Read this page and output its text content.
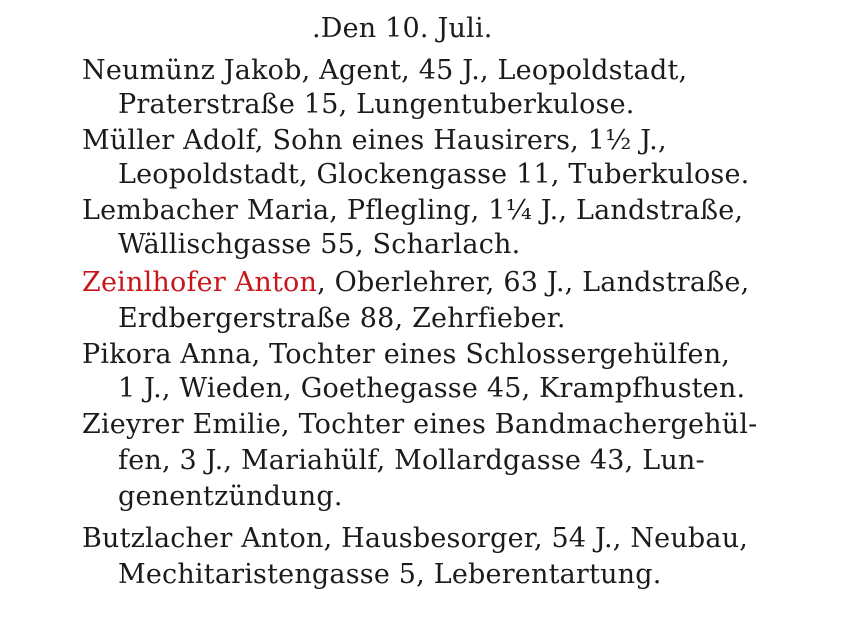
.Den 10. Juli.
Neumünz Jakob, Agent, 45 J., Leopoldstadt,
Praterstraße 15, Lungentuberkulose.
Müller Adolf, Sohn eines Hausirers, 1½ J.,
Leopoldstadt, Glockengasse 11, Tuberkulose.
Lembacher Maria, Pflegling, 1¼ J., Landstraße,
Wällischgasse 55, Scharlach.
Zeinlhofer Anton, Oberlehrer, 63 J., Landstraße,
Erdbergerstraße 88, Zehrfieber.
Pikora Anna, Tochter eines Schlossergehülfen,
1 J., Wieden, Goethegasse 45, Krampfhusten.
Zieyrer Emilie, Tochter eines Bandmachergehül-
fen, 3 J., Mariahülf, Mollardgasse 43, Lun-
genentzündung.
Butzlacher Anton, Hausbesorger, 54 J., Neubau,
Mechitaristengasse 5, Leberentartung.
